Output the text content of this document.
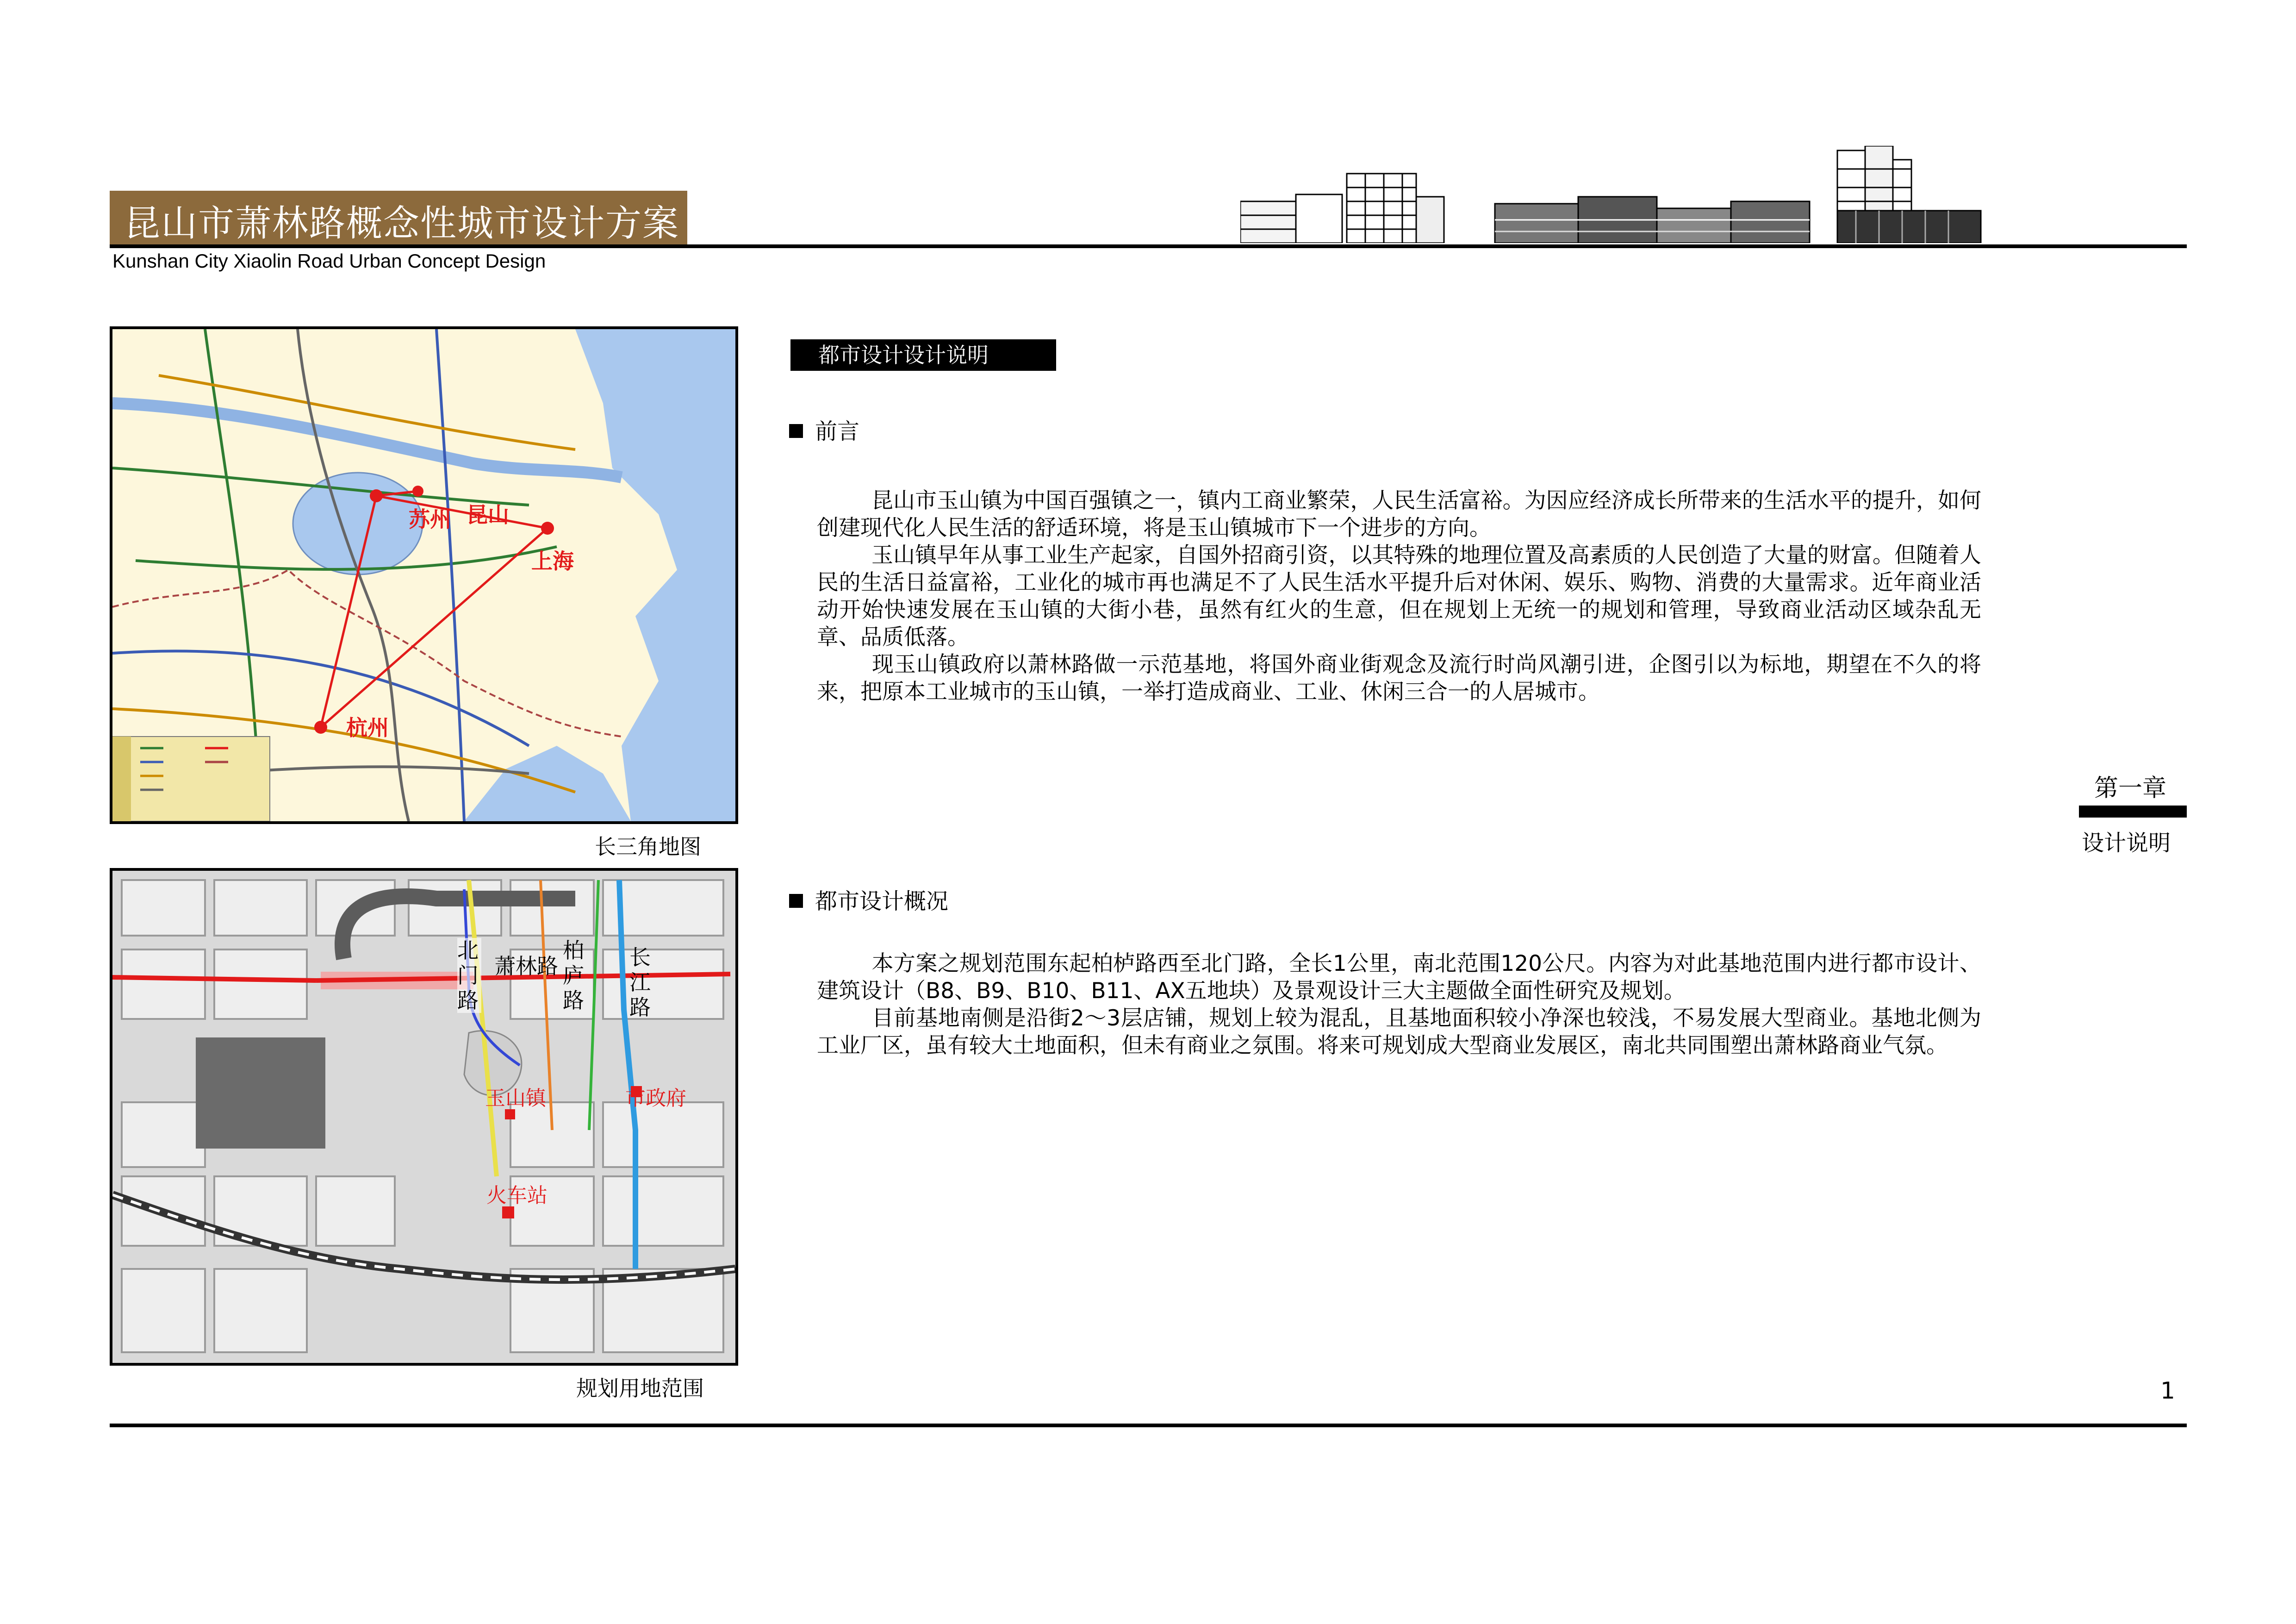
昆山市萧林路概念性城市设计方案
Kunshan City Xiaolin Road Urban Concept Design
苏州 昆山
上海
杭州
长三角地图
北门路
萧林路
柏庐路
长江路
玉山镇	市政府
火车站
规划用地范围
都市设计设计说明
前言

昆山市玉山镇为中国百强镇之一，镇内工商业繁荣，人民生活富裕。为因应经济成长所带来的生活水平的提升，如何创建现代化人民生活的舒适环境，将是玉山镇城市下一个进步的方向。

玉山镇早年从事工业生产起家，自国外招商引资，以其特殊的地理位置及高素质的人民创造了大量的财富。但随着人民的生活日益富裕，工业化的城市再也满足不了人民生活水平提升后对休闲、娱乐、购物、消费的大量需求。近年商业活动开始快速发展在玉山镇的大街小巷，虽然有红火的生意，但在规划上无统一的规划和管理，导致商业活动区域杂乱无章、品质低落。

现玉山镇政府以萧林路做一示范基地，将国外商业街观念及流行时尚风潮引进，企图引以为标地，期望在不久的将来，把原本工业城市的玉山镇，一举打造成商业、工业、休闲三合一的人居城市。

都市设计概况

本方案之规划范围东起柏栌路西至北门路，全长1公里，南北范围120公尺。内容为对此基地范围内进行都市设计、建筑设计（B8、B9、B10、B11、AX五地块）及景观设计三大主题做全面性研究及规划。

目前基地南侧是沿街2～3层店铺，规划上较为混乱，且基地面积较小净深也较浅，不易发展大型商业。基地北侧为工业厂区，虽有较大土地面积，但未有商业之氛围。将来可规划成大型商业发展区，南北共同围塑出萧林路商业气氛。

第一章
设计说明
1
